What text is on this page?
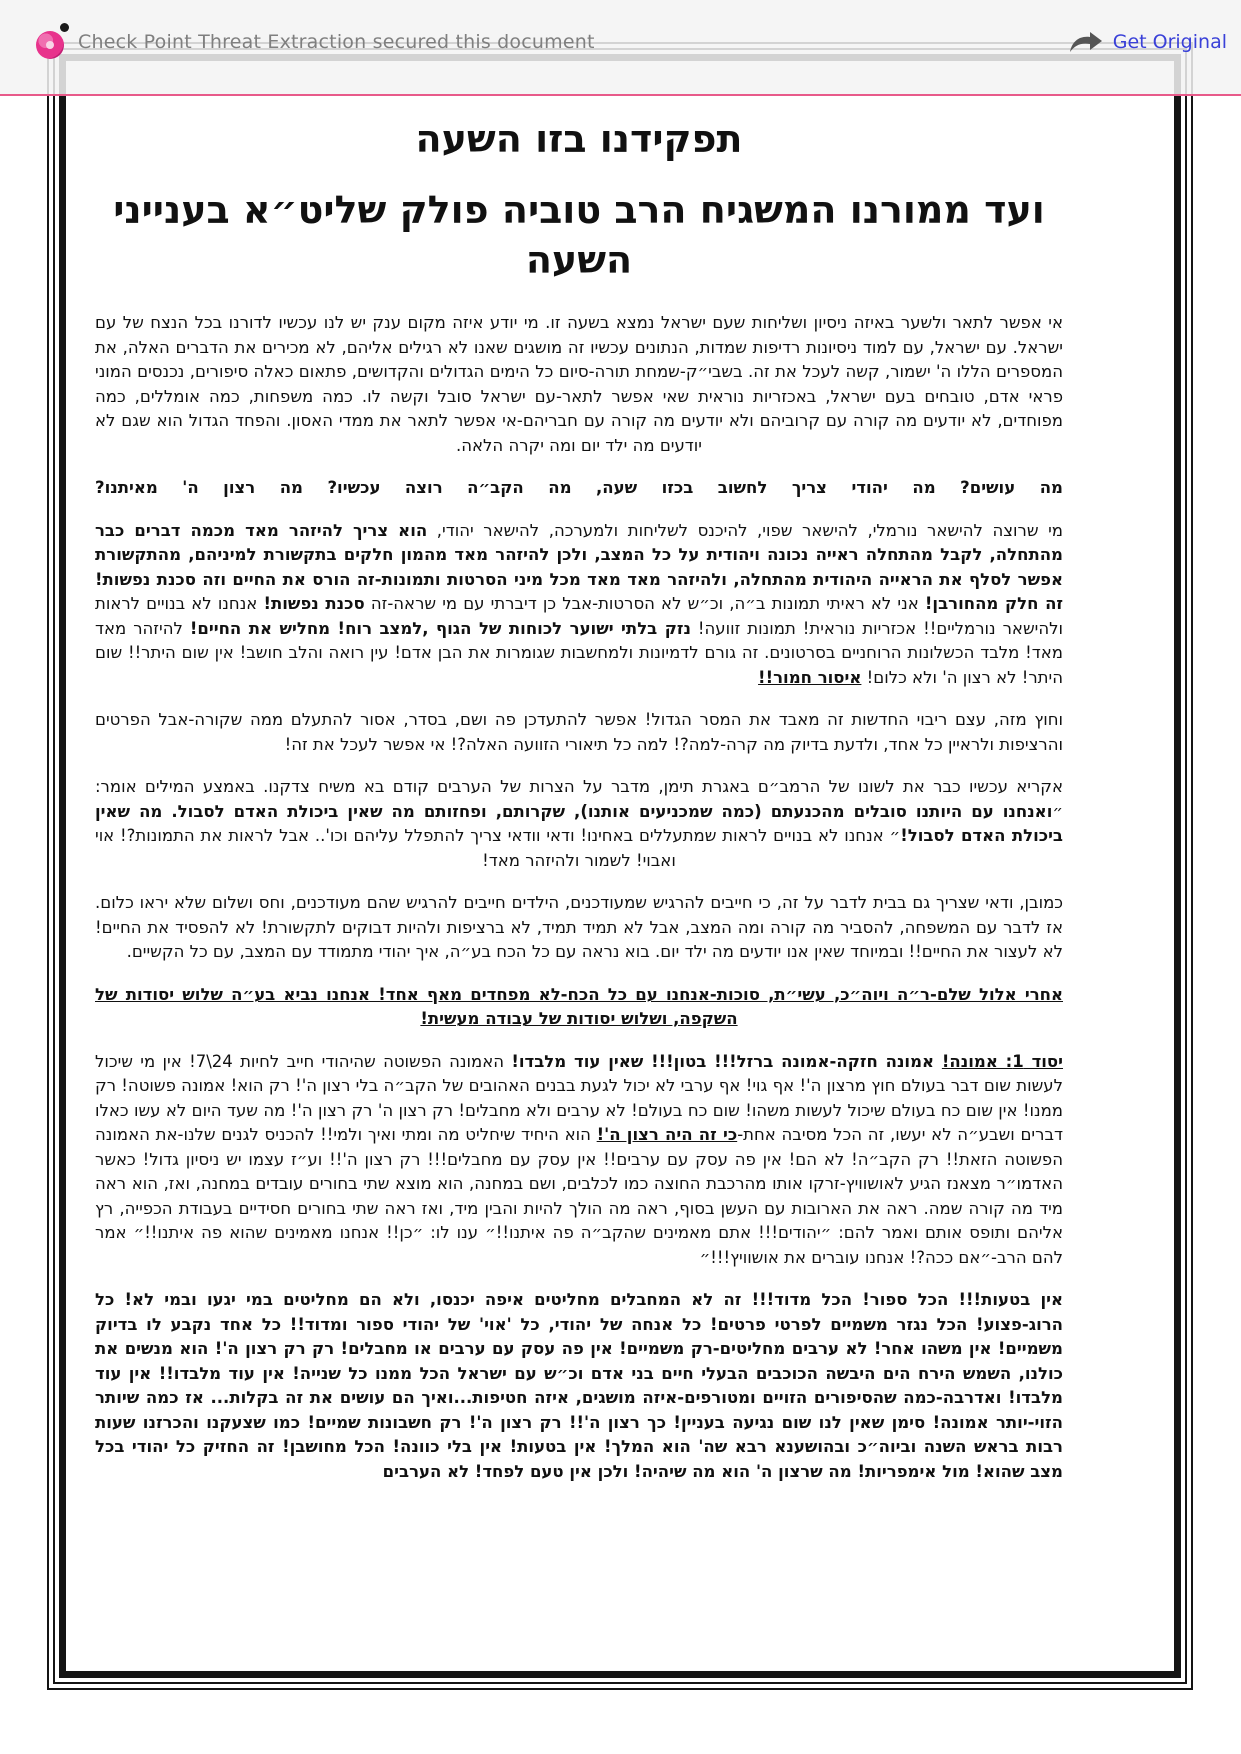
Check Point Threat Extraction secured this document	Get Original
תפקידנו בזו השעה
ועד ממורנו המשגיח הרב טוביה פולק שליט״א בענייני השעה

אי אפשר לתאר ולשער באיזה ניסיון ושליחות שעם ישראל נמצא בשעה זו. מי יודע איזה מקום ענק יש לנו עכשיו לדורנו בכל הנצח של עם ישראל. עם ישראל, עם למוד ניסיונות רדיפות שמדות, הנתונים עכשיו זה מושגים שאנו לא רגילים אליהם, לא מכירים את הדברים האלה, את המספרים הללו ה' ישמור, קשה לעכל את זה. בשבי״ק-שמחת תורה-סיום כל הימים הגדולים והקדושים, פתאום כאלה סיפורים, נכנסים המוני פראי אדם, טובחים בעם ישראל, באכזריות נוראית שאי אפשר לתאר-עם ישראל סובל וקשה לו. כמה משפחות, כמה אומללים, כמה מפוחדים, לא יודעים מה קורה עם קרוביהם ולא יודעים מה קורה עם חבריהם-אי אפשר לתאר את ממדי האסון. והפחד הגדול הוא שגם לא יודעים מה ילד יום ומה יקרה הלאה.

מה עושים? מה יהודי צריך לחשוב בכזו שעה, מה הקב״ה רוצה עכשיו? מה רצון ה' מאיתנו?

מי שרוצה להישאר נורמלי, להישאר שפוי, להיכנס לשליחות ולמערכה, להישאר יהודי, הוא צריך להיזהר מאד מכמה דברים כבר מהתחלה, לקבל מהתחלה ראייה נכונה ויהודית על כל המצב, ולכן להיזהר מאד מהמון חלקים בתקשורת למיניהם, מהתקשורת אפשר לסלף את הראייה היהודית מהתחלה, ולהיזהר מאד מאד מכל מיני הסרטות ותמונות-זה הורס את החיים וזה סכנת נפשות! זה חלק מהחורבן! אני לא ראיתי תמונות ב״ה, וכ״ש לא הסרטות-אבל כן דיברתי עם מי שראה-זה סכנת נפשות! אנחנו לא בנויים לראות ולהישאר נורמליים!! אכזריות נוראית! תמונות זוועה! נזק בלתי ישוער לכוחות של הגוף ,למצב רוח! מחליש את החיים! להיזהר מאד מאד! מלבד הכשלונות הרוחניים בסרטונים. זה גורם לדמיונות ולמחשבות שגומרות את הבן אדם! עין רואה והלב חושב! אין שום היתר!! שום היתר! לא רצון ה' ולא כלום! איסור חמור!!

וחוץ מזה, עצם ריבוי החדשות זה מאבד את המסר הגדול! אפשר להתעדכן פה ושם, בסדר, אסור להתעלם ממה שקורה-אבל הפרטים והרציפות ולראיין כל אחד, ולדעת בדיוק מה קרה-למה?! למה כל תיאורי הזוועה האלה?! אי אפשר לעכל את זה!

אקריא עכשיו כבר את לשונו של הרמב״ם באגרת תימן, מדבר על הצרות של הערבים קודם בא משיח צדקנו. באמצע המילים אומר: ״ואנחנו עם היותנו סובלים מהכנעתם (כמה שמכניעים אותנו), שקרותם, ופחזותם מה שאין ביכולת האדם לסבול. מה שאין ביכולת האדם לסבול!״ אנחנו לא בנויים לראות שמתעללים באחינו! ודאי וודאי צריך להתפלל עליהם וכו'.. אבל לראות את התמונות?! אוי ואבוי! לשמור ולהיזהר מאד!

כמובן, ודאי שצריך גם בבית לדבר על זה, כי חייבים להרגיש שמעודכנים, הילדים חייבים להרגיש שהם מעודכנים, וחס ושלום שלא יראו כלום. אז לדבר עם המשפחה, להסביר מה קורה ומה המצב, אבל לא תמיד תמיד, לא ברציפות ולהיות דבוקים לתקשורת! לא להפסיד את החיים! לא לעצור את החיים!! ובמיוחד שאין אנו יודעים מה ילד יום. בוא נראה עם כל הכח בע״ה, איך יהודי מתמודד עם המצב, עם כל הקשיים.

אחרי אלול שלם-ר״ה ויוה״כ, עשי״ת, סוכות-אנחנו עם כל הכח-לא מפחדים מאף אחד! אנחנו נביא בע״ה שלוש יסודות של השקפה, ושלוש יסודות של עבודה מעשית!

יסוד 1: אמונה! אמונה חזקה-אמונה ברזל!!! בטון!!! שאין עוד מלבדו! האמונה הפשוטה שהיהודי חייב לחיות 24\7! אין מי שיכול לעשות שום דבר בעולם חוץ מרצון ה'! אף גוי! אף ערבי לא יכול לגעת בבנים האהובים של הקב״ה בלי רצון ה'! רק הוא! אמונה פשוטה! רק ממנו! אין שום כח בעולם שיכול לעשות משהו! שום כח בעולם! לא ערבים ולא מחבלים! רק רצון ה' רק רצון ה'! מה שעד היום לא עשו כאלו דברים ושבע״ה לא יעשו, זה הכל מסיבה אחת-כי זה היה רצון ה'! הוא היחיד שיחליט מה ומתי ואיך ולמי!! להכניס לגנים שלנו-את האמונה הפשוטה הזאת!! רק הקב״ה! לא הם! אין פה עסק עם ערבים!! אין עסק עם מחבלים!!! רק רצון ה'!! וע״ז עצמו יש ניסיון גדול! כאשר האדמו״ר מצאנז הגיע לאושוויץ-זרקו אותו מהרכבת החוצה כמו לכלבים, ושם במחנה, הוא מוצא שתי בחורים עובדים במחנה, ואז, הוא ראה מיד מה קורה שמה. ראה את הארובות עם העשן בסוף, ראה מה הולך להיות והבין מיד, ואז ראה שתי בחורים חסידיים בעבודת הכפייה, רץ אליהם ותופס אותם ואמר להם: ״יהודים!!! אתם מאמינים שהקב״ה פה איתנו!!״ ענו לו: ״כן!! אנחנו מאמינים שהוא פה איתנו!!״ אמר להם הרב-״אם ככה?! אנחנו עוברים את אושוויץ!!!״

אין בטעות!!! הכל ספור! הכל מדוד!!! זה לא המחבלים מחליטים איפה יכנסו, ולא הם מחליטים במי יגעו ובמי לא! כל הרוג-פצוע! הכל נגזר משמיים לפרטי פרטים! כל אנחה של יהודי, כל 'אוי' של יהודי ספור ומדוד!! כל אחד נקבע לו בדיוק משמיים! אין משהו אחר! לא ערבים מחליטים-רק משמיים! אין פה עסק עם ערבים או מחבלים! רק רק רצון ה'! הוא מנשים את כולנו, השמש הירח הים היבשה הכוכבים הבעלי חיים בני אדם וכ״ש עם ישראל הכל ממנו כל שנייה! אין עוד מלבדו!! אין עוד מלבדו! ואדרבה-כמה שהסיפורים הזויים ומטורפים-איזה מושגים, איזה חטיפות...ואיך הם עושים את זה בקלות... אז כמה שיותר הזוי-יותר אמונה! סימן שאין לנו שום נגיעה בעניין! כך רצון ה'!! רק רצון ה'! רק חשבונות שמיים! כמו שצעקנו והכרזנו שעות רבות בראש השנה וביוה״כ ובהושענא רבא שה' הוא המלך! אין בטעות! אין בלי כוונה! הכל מחושבן! זה החזיק כל יהודי בכל מצב שהוא! מול אימפריות! מה שרצון ה' הוא מה שיהיה! ולכן אין טעם לפחד! לא הערבים
